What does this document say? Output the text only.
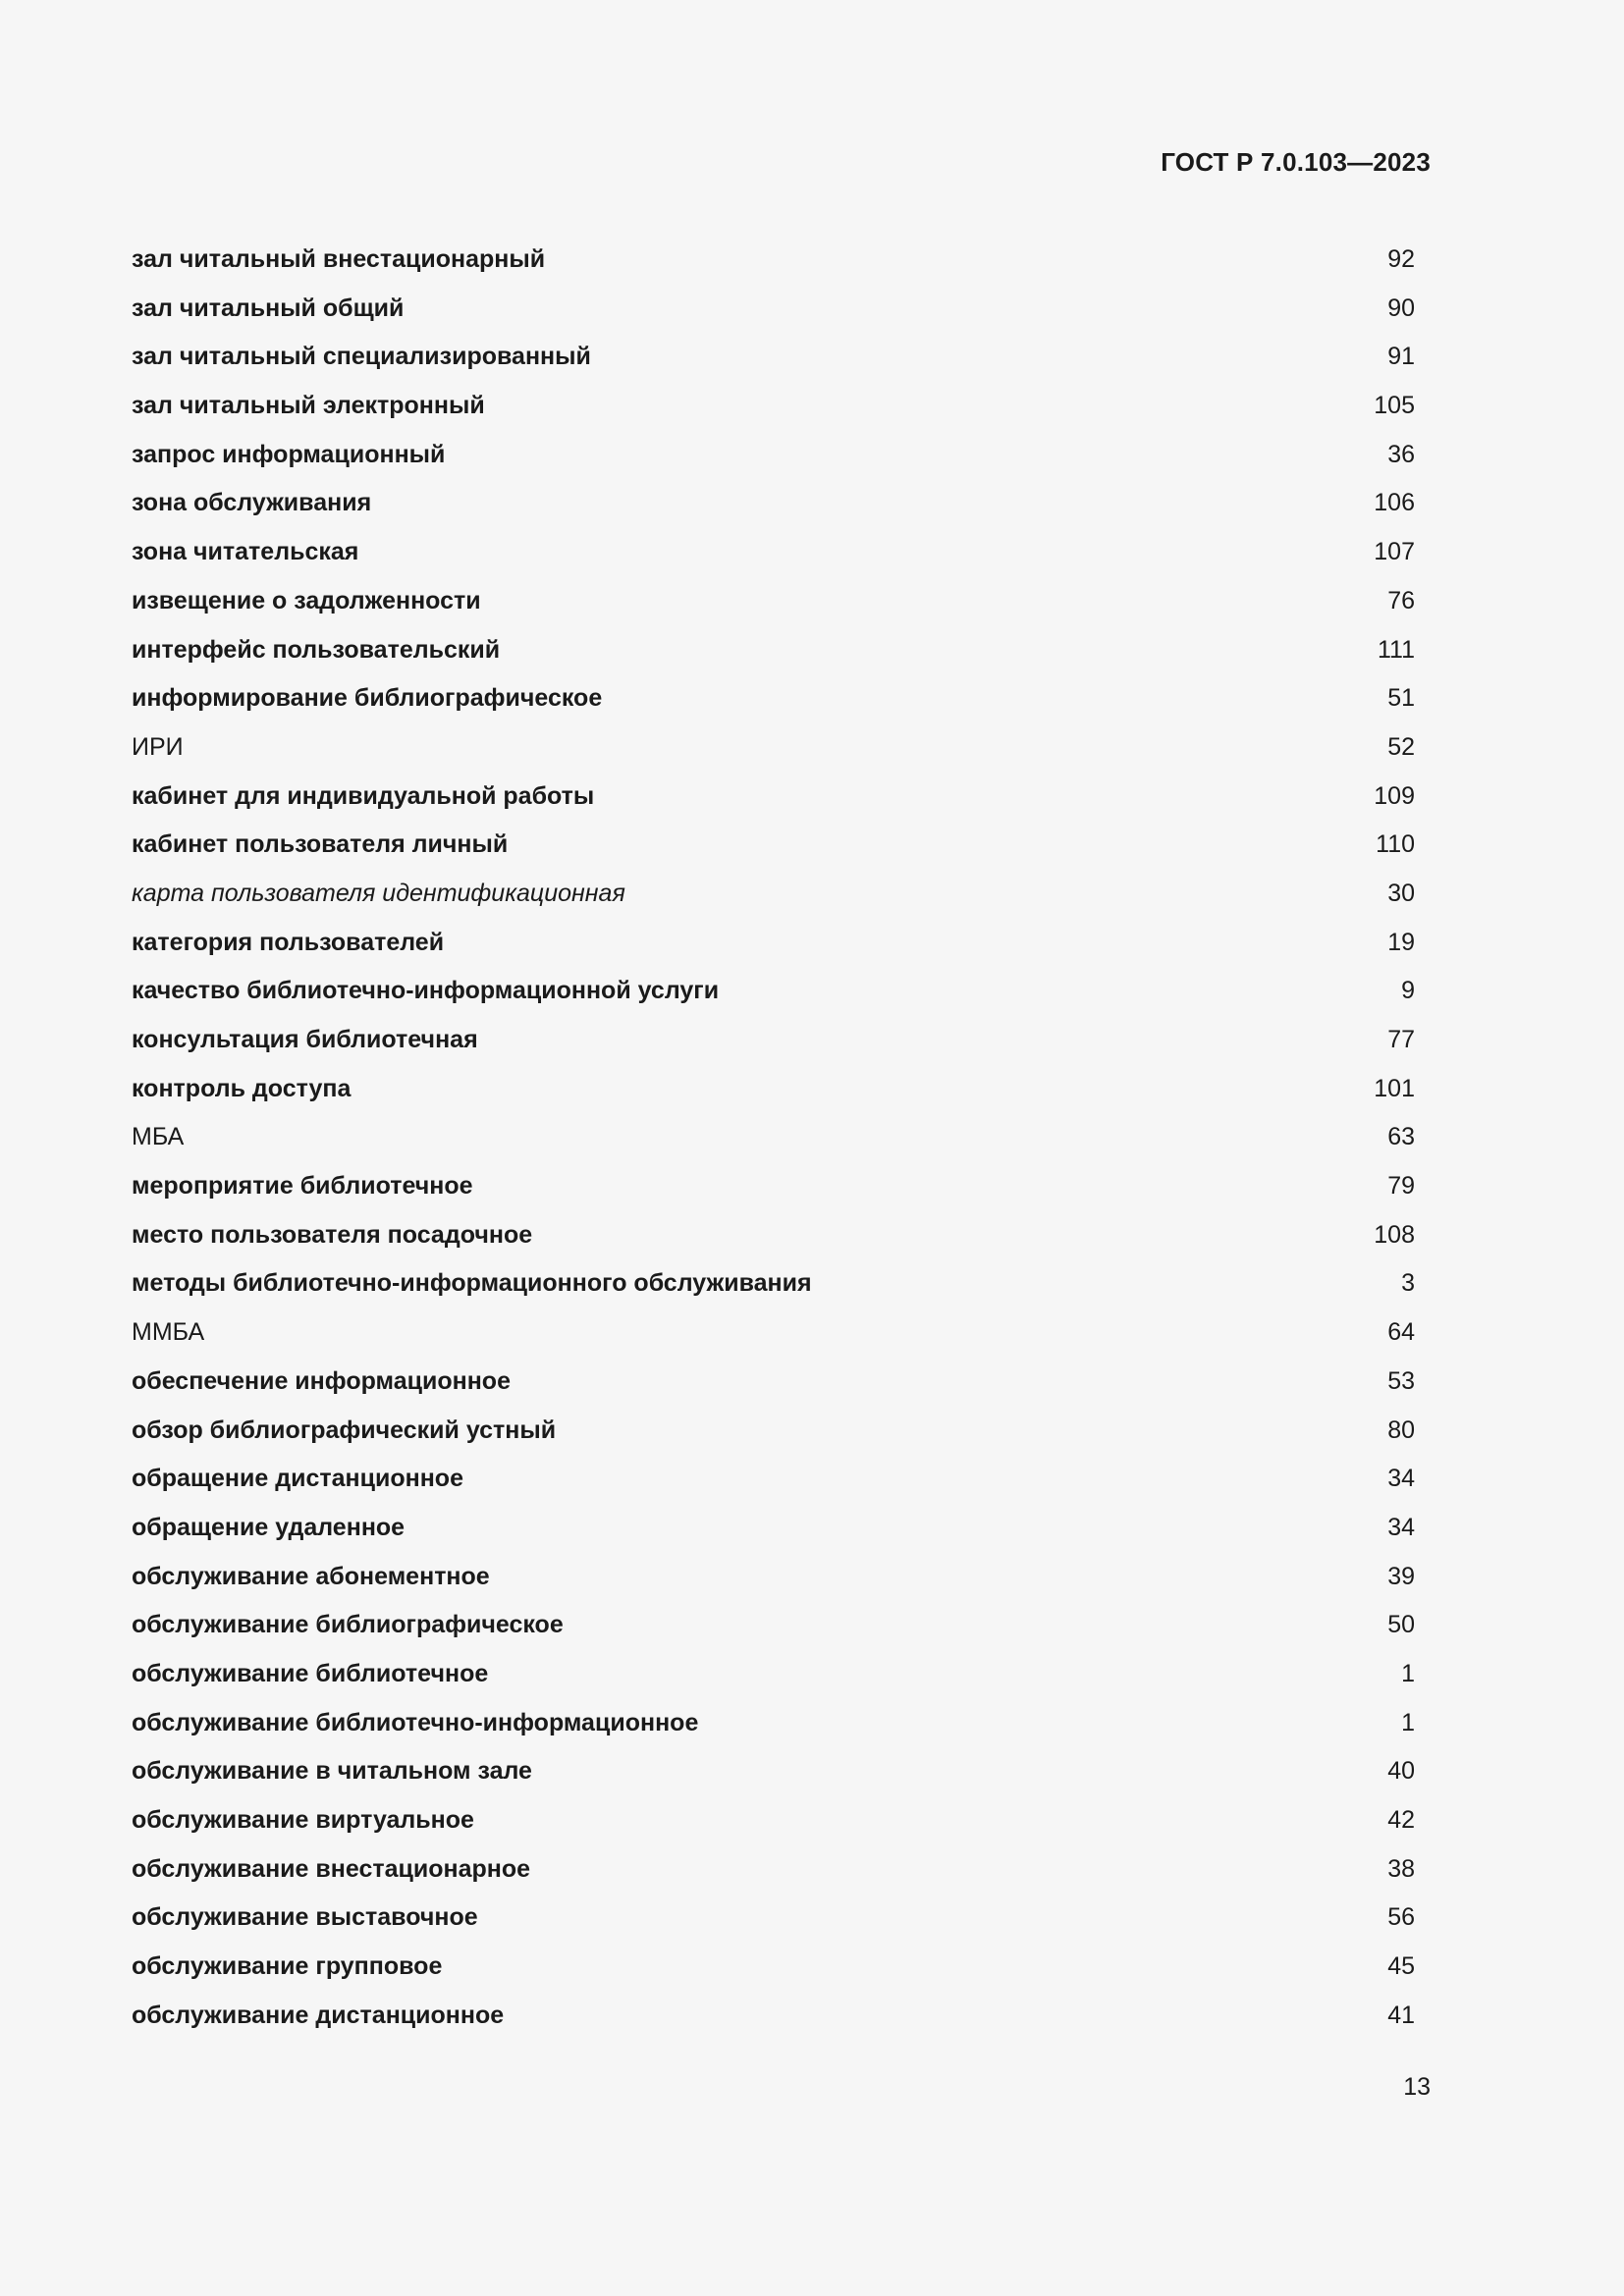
ГОСТ Р 7.0.103—2023
зал читальный внестационарный	92
зал читальный общий	90
зал читальный специализированный	91
зал читальный электронный	105
запрос информационный	36
зона обслуживания	106
зона читательская	107
извещение о задолженности	76
интерфейс пользовательский	111
информирование библиографическое	51
ИРИ	52
кабинет для индивидуальной работы	109
кабинет пользователя личный	110
карта пользователя идентификационная	30
категория пользователей	19
качество библиотечно-информационной услуги	9
консультация библиотечная	77
контроль доступа	101
МБА	63
мероприятие библиотечное	79
место пользователя посадочное	108
методы библиотечно-информационного обслуживания	3
ММБА	64
обеспечение информационное	53
обзор библиографический устный	80
обращение дистанционное	34
обращение удаленное	34
обслуживание абонементное	39
обслуживание библиографическое	50
обслуживание библиотечное	1
обслуживание библиотечно-информационное	1
обслуживание в читальном зале	40
обслуживание виртуальное	42
обслуживание внестационарное	38
обслуживание выставочное	56
обслуживание групповое	45
обслуживание дистанционное	41
13
